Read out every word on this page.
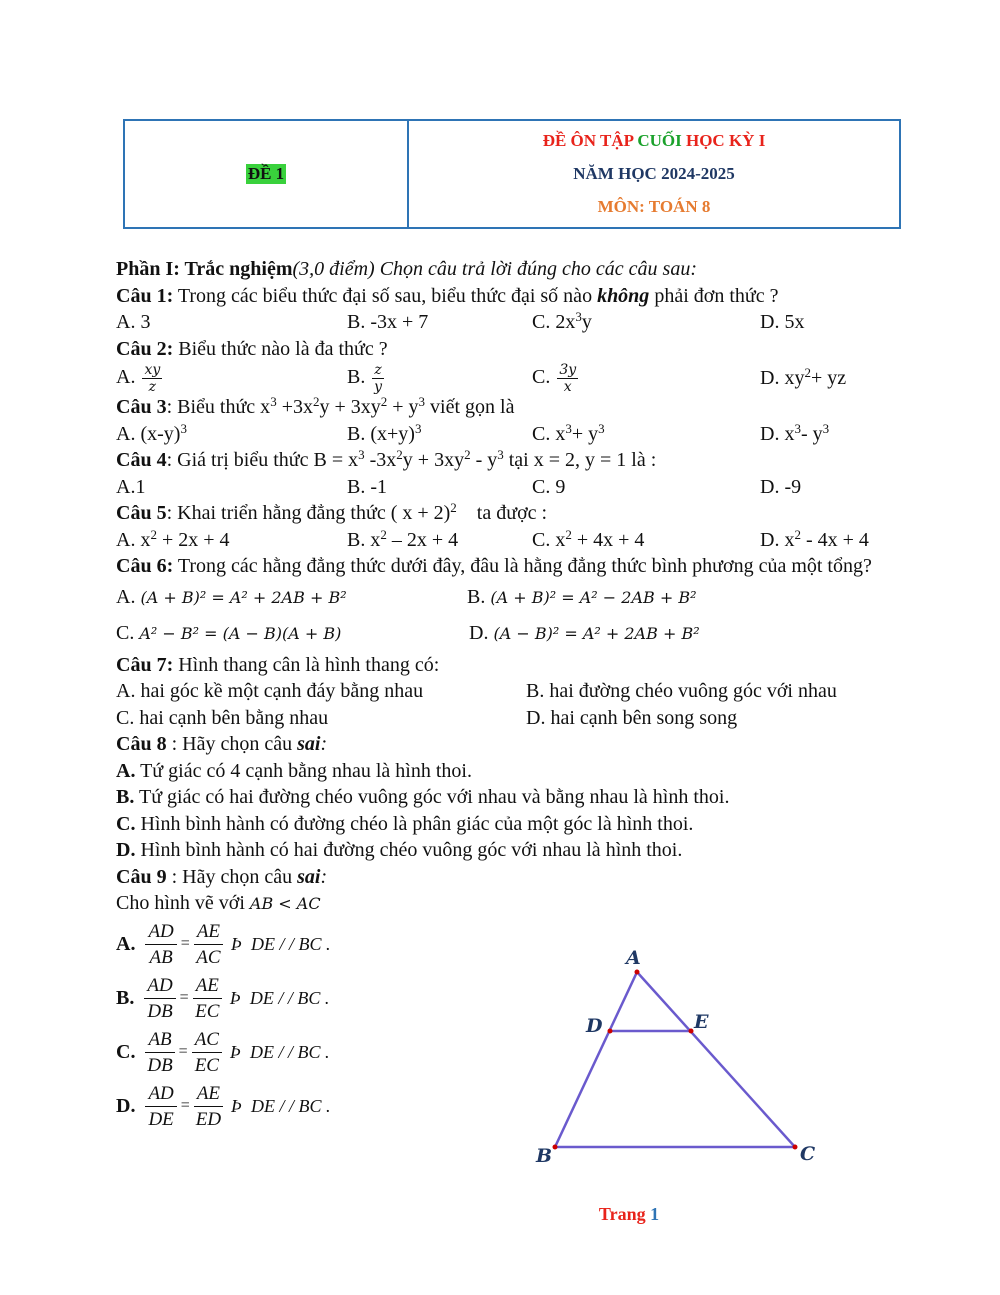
ĐỀ 1
ĐỀ ÔN TẬP CUỐI HỌC KỲ I
NĂM HỌC 2024-2025
MÔN: TOÁN 8
Phần I: Trắc nghiệm(3,0 điểm) Chọn câu trả lời đúng cho các câu sau:
Câu 1: Trong các biểu thức đại số sau, biểu thức đại số nào không phải đơn thức ?
A. 3	B. -3x + 7	C. $2x^3y$	D. 5x
Câu 2: Biểu thức nào là đa thức ?
A. $\frac{xy}{z}$	B. $\frac{z}{y}$	C. $\frac{3y}{x}$	D. $xy^2+$ yz
Câu 3: Biểu thức $x^3 +3x^2y + 3xy^2 + y^3$ viết gọn là
A. $(x-y)^3$	B. $(x+y)^3$	C. $x^3+ y^3$	D. $x^3-$ $y^3$
Câu 4: Giá trị biểu thức $B = x^3$ $-3x^2y + 3xy^2 - y^3$ tại x = 2, y = 1 là :
A.1	B. -1	C. 9	D. -9
Câu 5: Khai triển hằng đẳng thức ( x + 2)$^2$    ta được :
A. $x^2 + 2x + 4$	B. $x^2 - 2x + 4$	C. $x^2 + 4x + 4$	D. $x^2 - 4x + 4$
Câu 6: Trong các hằng đẳng thức dưới đây, đâu là hằng đẳng thức bình phương của một tổng?
A. (A + B)² = A² + 2AB + B²	B. (A + B)² = A² − 2AB + B²
C. A² − B² = (A − B)(A + B)	D. (A − B)² = A² + 2AB + B²
Câu 7: Hình thang cân là hình thang có:
A. hai góc kề một cạnh đáy bằng nhau	B. hai đường chéo vuông góc với nhau
C. hai cạnh bên bằng nhau	D. hai cạnh bên song song
Câu 8 : Hãy chọn câu sai:
A. Tứ giác có 4 cạnh bằng nhau là hình thoi.
B. Tứ giác có hai đường chéo vuông góc với nhau và bằng nhau là hình thoi.
C. Hình bình hành có đường chéo là phân giác của một góc là hình thoi.
D. Hình bình hành có hai đường chéo vuông góc với nhau là hình thoi.
Câu 9 : Hãy chọn câu sai:
Cho hình vẽ với AB < AC
A. $\frac{AD}{AB} = \frac{AE}{AC}$ Þ  DE / / BC .
B. $\frac{AD}{DB} = \frac{AE}{EC}$ Þ  DE / / BC .
C. $\frac{AB}{DB} = \frac{AC}{EC}$ Þ  DE / / BC .
D. $\frac{AD}{DE} = \frac{AE}{ED}$ Þ  DE / / BC .
A
B	C
D	E
Trang 1
